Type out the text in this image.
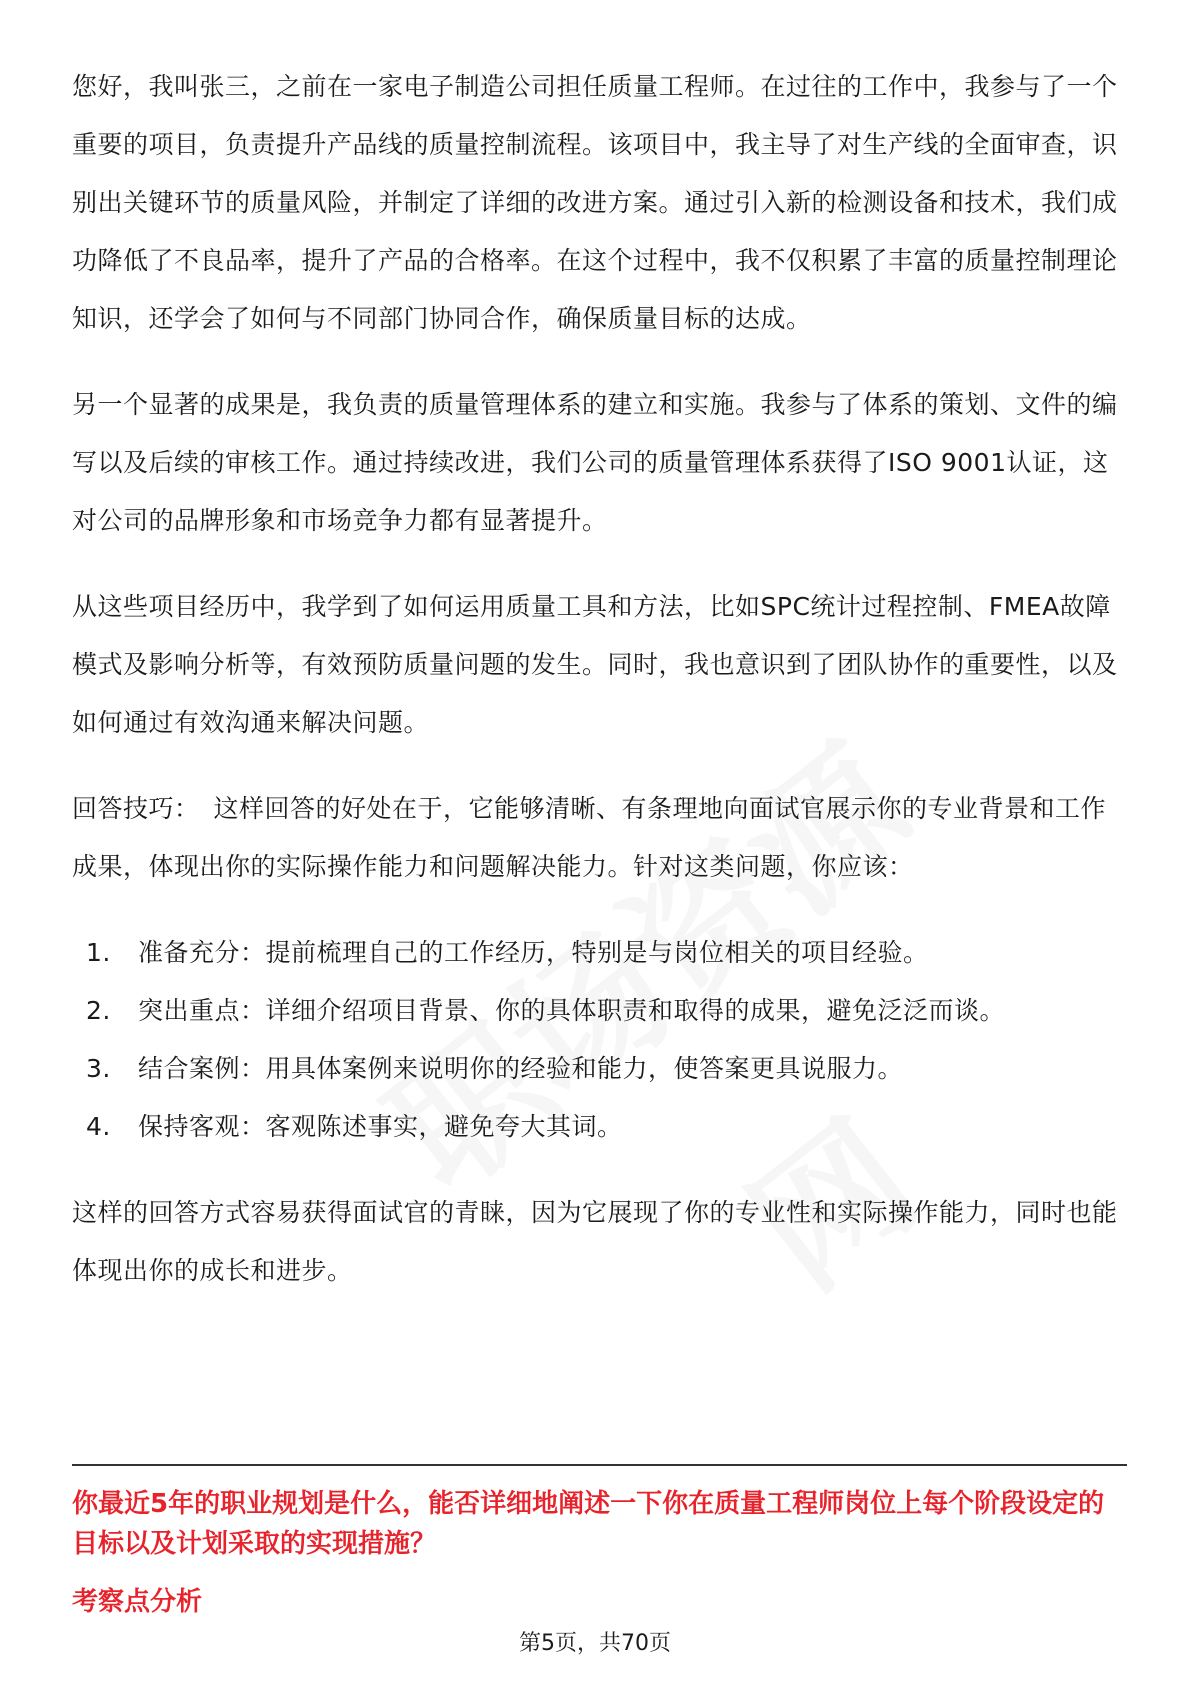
您好，我叫张三，之前在一家电子制造公司担任质量工程师。在过往的工作中，我参与了一个重要的项目，负责提升产品线的质量控制流程。该项目中，我主导了对生产线的全面审查，识别出关键环节的质量风险，并制定了详细的改进方案。通过引入新的检测设备和技术，我们成功降低了不良品率，提升了产品的合格率。在这个过程中，我不仅积累了丰富的质量控制理论知识，还学会了如何与不同部门协同合作，确保质量目标的达成。

另一个显著的成果是，我负责的质量管理体系的建立和实施。我参与了体系的策划、文件的编写以及后续的审核工作。通过持续改进，我们公司的质量管理体系获得了ISO 9001认证，这对公司的品牌形象和市场竞争力都有显著提升。

从这些项目经历中，我学到了如何运用质量工具和方法，比如SPC统计过程控制、FMEA故障模式及影响分析等，有效预防质量问题的发生。同时，我也意识到了团队协作的重要性，以及如何通过有效沟通来解决问题。

回答技巧： 这样回答的好处在于，它能够清晰、有条理地向面试官展示你的专业背景和工作成果，体现出你的实际操作能力和问题解决能力。针对这类问题，你应该：

1.	准备充分：提前梳理自己的工作经历，特别是与岗位相关的项目经验。
2.	突出重点：详细介绍项目背景、你的具体职责和取得的成果，避免泛泛而谈。
3.	结合案例：用具体案例来说明你的经验和能力，使答案更具说服力。
4.	保持客观：客观陈述事实，避免夸大其词。

这样的回答方式容易获得面试官的青睐，因为它展现了你的专业性和实际操作能力，同时也能体现出你的成长和进步。

你最近5年的职业规划是什么，能否详细地阐述一下你在质量工程师岗位上每个阶段设定的目标以及计划采取的实现措施？

考察点分析

第5页，共70页
